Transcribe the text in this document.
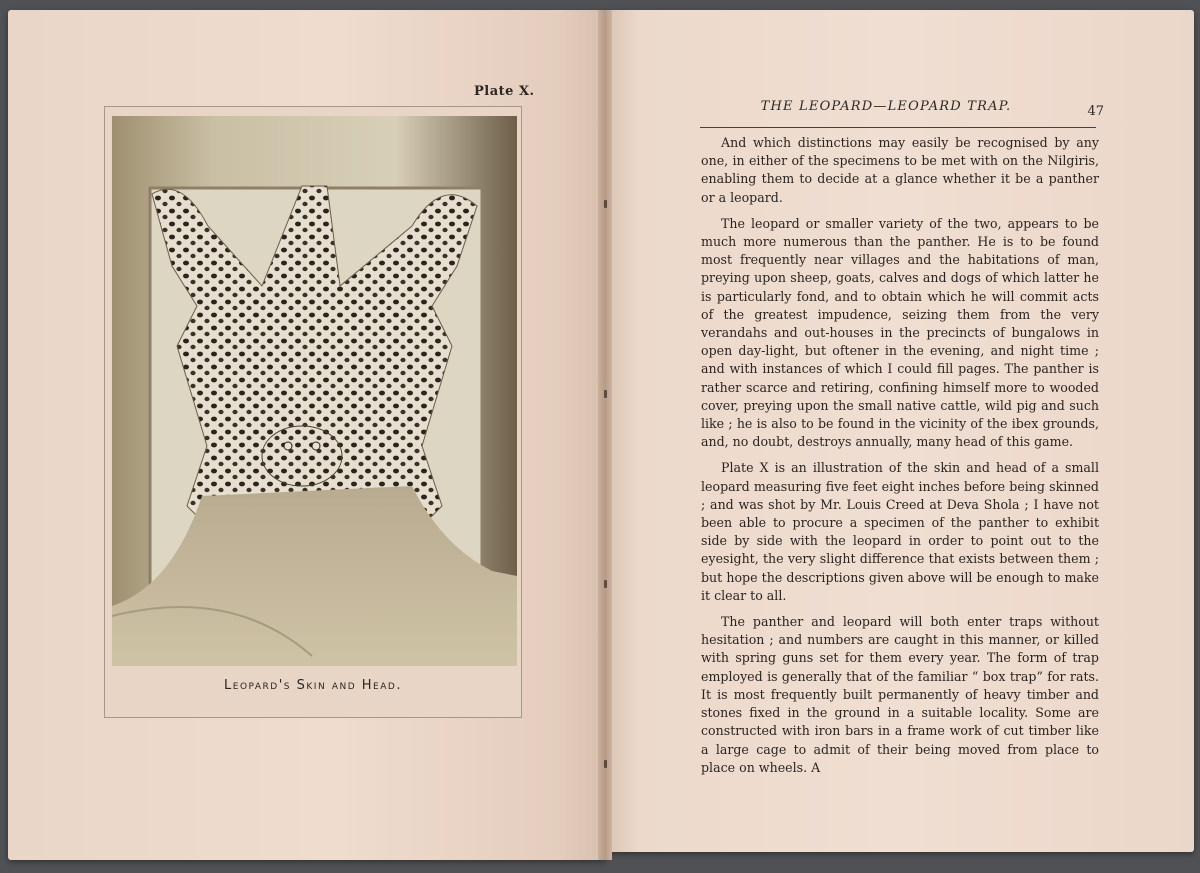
Plate X.
Leopard's Skin and Head.
THE LEOPARD—LEOPARD TRAP.	47

And which distinctions may easily be recognised by any one, in either of the specimens to be met with on the Nilgiris, enabling them to decide at a glance whether it be a panther or a leopard.

The leopard or smaller variety of the two, appears to be much more numerous than the panther. He is to be found most frequently near villages and the habitations of man, preying upon sheep, goats, calves and dogs of which latter he is particularly fond, and to obtain which he will commit acts of the greatest impudence, seizing them from the very verandahs and out-houses in the precincts of bungalows in open day-light, but oftener in the evening, and night time ; and with instances of which I could fill pages. The panther is rather scarce and retiring, confining himself more to wooded cover, preying upon the small native cattle, wild pig and such like ; he is also to be found in the vicinity of the ibex grounds, and, no doubt, destroys annually, many head of this game.

Plate X is an illustration of the skin and head of a small leopard measuring five feet eight inches before being skinned ; and was shot by Mr. Louis Creed at Deva Shola ; I have not been able to procure a specimen of the panther to exhibit side by side with the leopard in order to point out to the eyesight, the very slight difference that exists between them ; but hope the descriptions given above will be enough to make it clear to all.

The panther and leopard will both enter traps without hesitation ; and numbers are caught in this manner, or killed with spring guns set for them every year. The form of trap employed is generally that of the familiar “ box trap” for rats. It is most frequently built permanently of heavy timber and stones fixed in the ground in a suitable locality. Some are constructed with iron bars in a frame work of cut timber like a large cage to admit of their being moved from place to place on wheels. A
